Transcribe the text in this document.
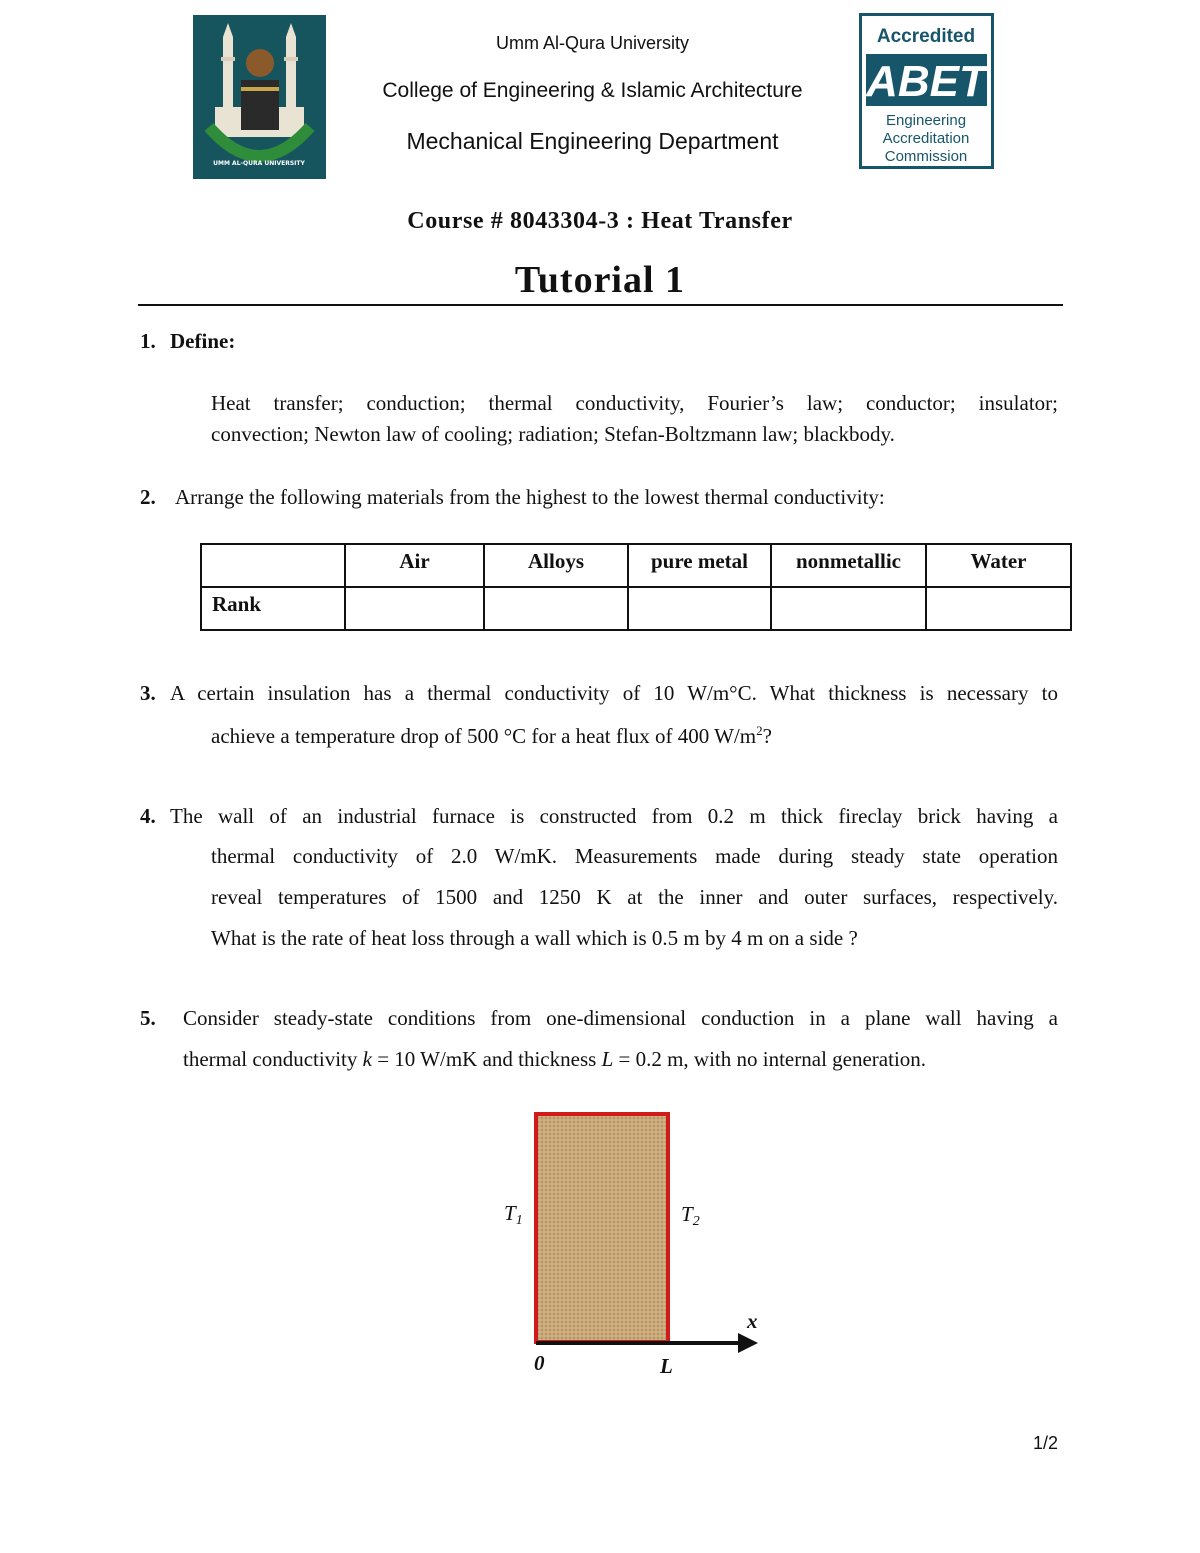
UMM AL-QURA UNIVERSITY
Umm Al-Qura University
College of Engineering & Islamic Architecture
Mechanical Engineering Department
Accredited
ABET
Engineering
Accreditation
Commission
Course # 8043304-3 : Heat Transfer
Tutorial 1
1. Define:
Heat transfer; conduction; thermal conductivity, Fourier’s law; conductor; insulator;
convection; Newton law of cooling; radiation; Stefan-Boltzmann law; blackbody.
2. Arrange the following materials from the highest to the lowest thermal conductivity:
	Air	Alloys	pure metal	nonmetallic	Water
Rank					
3. A certain insulation has a thermal conductivity of 10 W/m°C. What thickness is necessary to
achieve a temperature drop of 500 °C for a heat flux of 400 $W/m^2$?
4. The wall of an industrial furnace is constructed from 0.2 m thick fireclay brick having a
thermal conductivity of 2.0 W/mK. Measurements made during steady state operation
reveal temperatures of 1500 and 1250 K at the inner and outer surfaces, respectively.
What is the rate of heat loss through a wall which is 0.5 m by 4 m on a side ?
5. Consider steady-state conditions from one-dimensional conduction in a plane wall having a
thermal conductivity k = 10 W/mK and thickness L = 0.2 m, with no internal generation.
T1	T2
x
0	L
1/2
